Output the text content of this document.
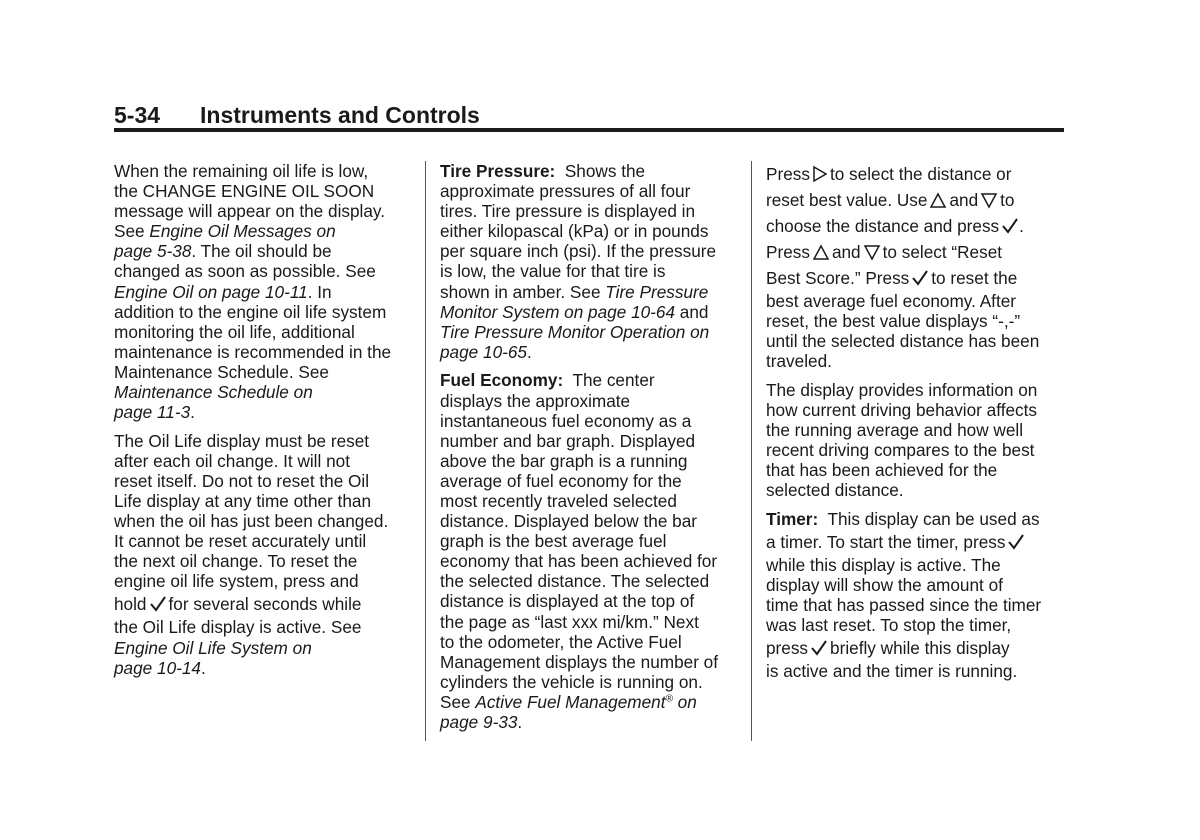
5-34 Instruments and Controls

When the remaining oil life is low,
the CHANGE ENGINE OIL SOON
message will appear on the display.
See Engine Oil Messages on
page 5-38. The oil should be
changed as soon as possible. See
Engine Oil on page 10-11. In
addition to the engine oil life system
monitoring the oil life, additional
maintenance is recommended in the
Maintenance Schedule. See
Maintenance Schedule on
page 11-3.

The Oil Life display must be reset
after each oil change. It will not
reset itself. Do not to reset the Oil
Life display at any time other than
when the oil has just been changed.
It cannot be reset accurately until
the next oil change. To reset the
engine oil life system, press and
hold for several seconds while
the Oil Life display is active. See
Engine Oil Life System on
page 10-14.

Tire Pressure:  Shows the
approximate pressures of all four
tires. Tire pressure is displayed in
either kilopascal (kPa) or in pounds
per square inch (psi). If the pressure
is low, the value for that tire is
shown in amber. See Tire Pressure
Monitor System on page 10-64 and
Tire Pressure Monitor Operation on
page 10-65.

Fuel Economy:  The center
displays the approximate
instantaneous fuel economy as a
number and bar graph. Displayed
above the bar graph is a running
average of fuel economy for the
most recently traveled selected
distance. Displayed below the bar
graph is the best average fuel
economy that has been achieved for
the selected distance. The selected
distance is displayed at the top of
the page as “last xxx mi/km.” Next
to the odometer, the Active Fuel
Management displays the number of
cylinders the vehicle is running on.
See Active Fuel Management® on
page 9-33.

Press to select the distance or
reset best value. Use and to
choose the distance and press .
Press and to select “Reset
Best Score.” Press to reset the
best average fuel economy. After
reset, the best value displays “-,-”
until the selected distance has been
traveled.

The display provides information on
how current driving behavior affects
the running average and how well
recent driving compares to the best
that has been achieved for the
selected distance.

Timer:  This display can be used as
a timer. To start the timer, press
while this display is active. The
display will show the amount of
time that has passed since the timer
was last reset. To stop the timer,
press briefly while this display
is active and the timer is running.
